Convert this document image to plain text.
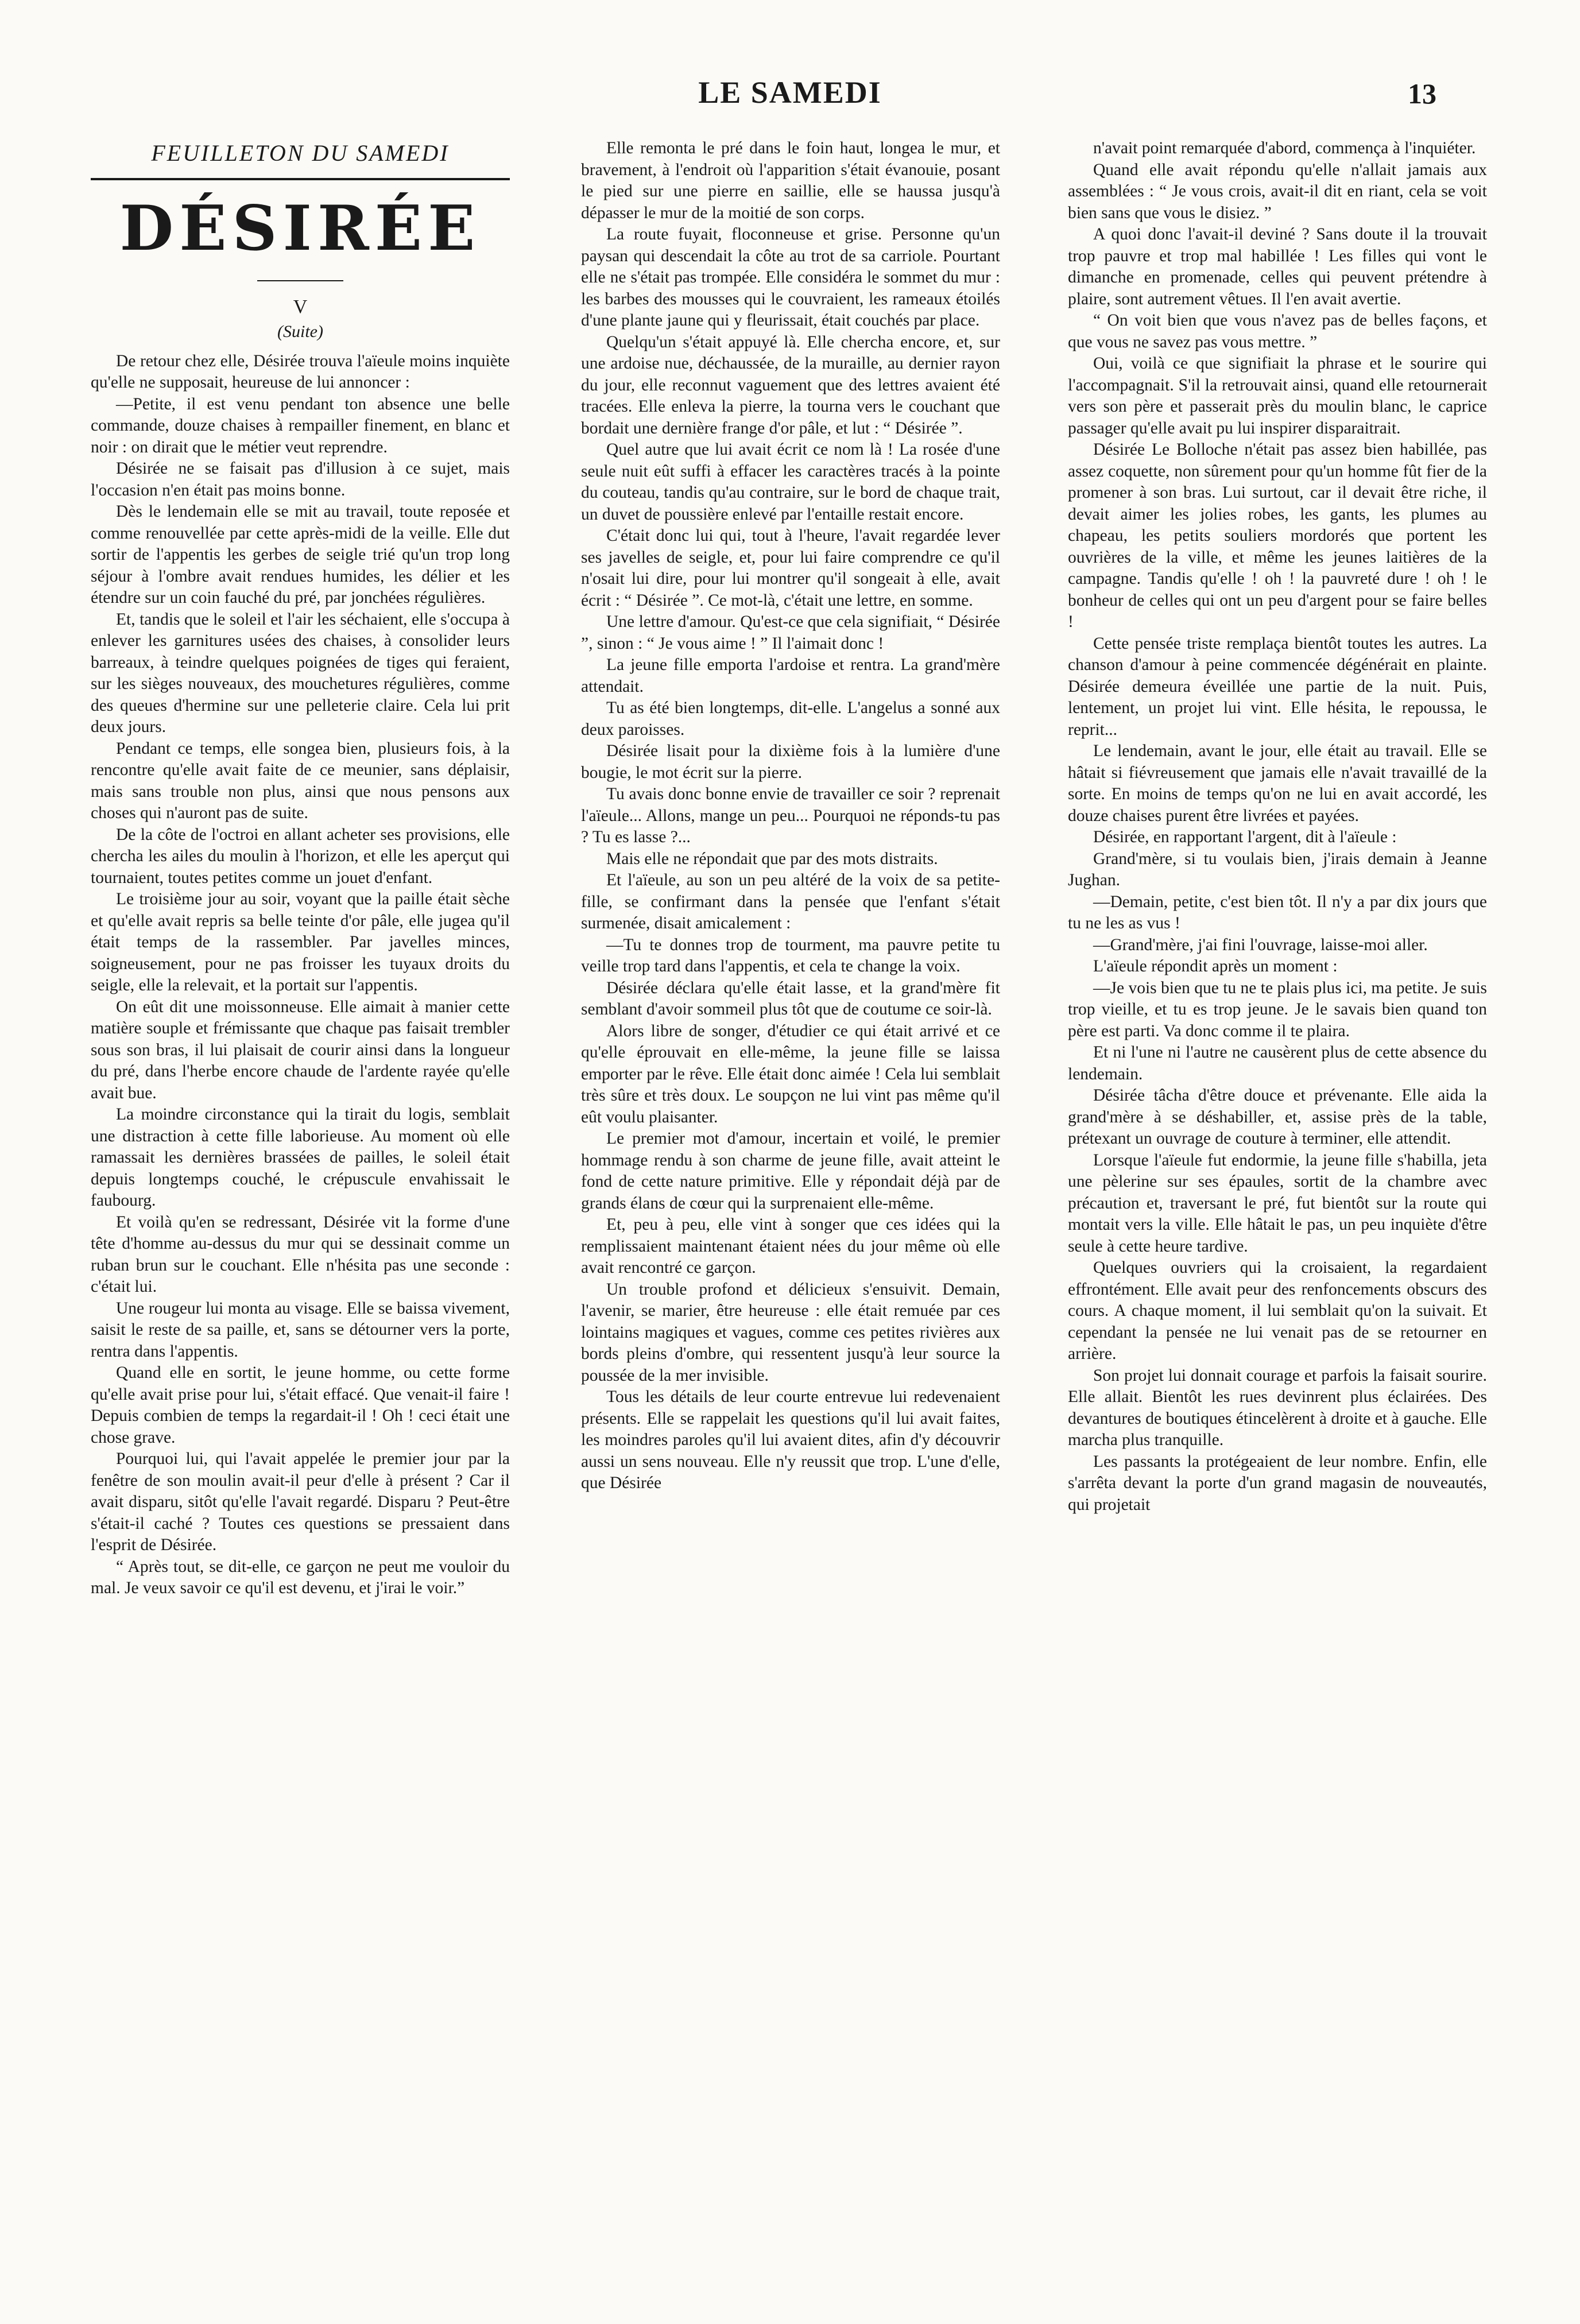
LE SAMEDI	13
FEUILLETON DU SAMEDI
DÉSIRÉE
V
(Suite)

De retour chez elle, Désirée trouva l'aïeule moins inquiète qu'elle ne supposait, heureuse de lui annoncer :

—Petite, il est venu pendant ton absence une belle commande, douze chaises à rempailler finement, en blanc et noir : on dirait que le métier veut reprendre.

Désirée ne se faisait pas d'illusion à ce sujet, mais l'occasion n'en était pas moins bonne.

Dès le lendemain elle se mit au travail, toute reposée et comme renouvellée par cette après-midi de la veille. Elle dut sortir de l'appentis les gerbes de seigle trié qu'un trop long séjour à l'ombre avait rendues humides, les délier et les étendre sur un coin fauché du pré, par jonchées régulières.

Et, tandis que le soleil et l'air les séchaient, elle s'occupa à enlever les garnitures usées des chaises, à consolider leurs barreaux, à teindre quelques poignées de tiges qui feraient, sur les sièges nouveaux, des mouchetures régulières, comme des queues d'hermine sur une pelleterie claire. Cela lui prit deux jours.

Pendant ce temps, elle songea bien, plusieurs fois, à la rencontre qu'elle avait faite de ce meunier, sans déplaisir, mais sans trouble non plus, ainsi que nous pensons aux choses qui n'auront pas de suite.

De la côte de l'octroi en allant acheter ses provisions, elle chercha les ailes du moulin à l'horizon, et elle les aperçut qui tournaient, toutes petites comme un jouet d'enfant.

Le troisième jour au soir, voyant que la paille était sèche et qu'elle avait repris sa belle teinte d'or pâle, elle jugea qu'il était temps de la rassembler. Par javelles minces, soigneusement, pour ne pas froisser les tuyaux droits du seigle, elle la relevait, et la portait sur l'appentis.

On eût dit une moissonneuse. Elle aimait à manier cette matière souple et frémissante que chaque pas faisait trembler sous son bras, il lui plaisait de courir ainsi dans la longueur du pré, dans l'herbe encore chaude de l'ardente rayée qu'elle avait bue.

La moindre circonstance qui la tirait du logis, semblait une distraction à cette fille laborieuse. Au moment où elle ramassait les dernières brassées de pailles, le soleil était depuis longtemps couché, le crépuscule envahissait le faubourg.

Et voilà qu'en se redressant, Désirée vit la forme d'une tête d'homme au-dessus du mur qui se dessinait comme un ruban brun sur le couchant. Elle n'hésita pas une seconde : c'était lui.

Une rougeur lui monta au visage. Elle se baissa vivement, saisit le reste de sa paille, et, sans se détourner vers la porte, rentra dans l'appentis.

Quand elle en sortit, le jeune homme, ou cette forme qu'elle avait prise pour lui, s'était effacé. Que venait-il faire ! Depuis combien de temps la regardait-il ! Oh ! ceci était une chose grave.

Pourquoi lui, qui l'avait appelée le premier jour par la fenêtre de son moulin avait-il peur d'elle à présent ? Car il avait disparu, sitôt qu'elle l'avait regardé. Disparu ? Peut-être s'était-il caché ? Toutes ces questions se pressaient dans l'esprit de Désirée.

“ Après tout, se dit-elle, ce garçon ne peut me vouloir du mal. Je veux savoir ce qu'il est devenu, et j'irai le voir.”

Elle remonta le pré dans le foin haut, longea le mur, et bravement, à l'endroit où l'apparition s'était évanouie, posant le pied sur une pierre en saillie, elle se haussa jusqu'à dépasser le mur de la moitié de son corps.

La route fuyait, floconneuse et grise. Personne qu'un paysan qui descendait la côte au trot de sa carriole. Pourtant elle ne s'était pas trompée. Elle considéra le sommet du mur : les barbes des mousses qui le couvraient, les rameaux étoilés d'une plante jaune qui y fleurissait, était couchés par place.

Quelqu'un s'était appuyé là. Elle chercha encore, et, sur une ardoise nue, déchaussée, de la muraille, au dernier rayon du jour, elle reconnut vaguement que des lettres avaient été tracées. Elle enleva la pierre, la tourna vers le couchant que bordait une dernière frange d'or pâle, et lut : “ Désirée ”.

Quel autre que lui avait écrit ce nom là ! La rosée d'une seule nuit eût suffi à effacer les caractères tracés à la pointe du couteau, tandis qu'au contraire, sur le bord de chaque trait, un duvet de poussière enlevé par l'entaille restait encore.

C'était donc lui qui, tout à l'heure, l'avait regardée lever ses javelles de seigle, et, pour lui faire comprendre ce qu'il n'osait lui dire, pour lui montrer qu'il songeait à elle, avait écrit : “ Désirée ”. Ce mot-là, c'était une lettre, en somme.

Une lettre d'amour. Qu'est-ce que cela signifiait, “ Désirée ”, sinon : “ Je vous aime ! ” Il l'aimait donc !

La jeune fille emporta l'ardoise et rentra. La grand'mère attendait.

Tu as été bien longtemps, dit-elle. L'angelus a sonné aux deux paroisses.

Désirée lisait pour la dixième fois à la lumière d'une bougie, le mot écrit sur la pierre.

Tu avais donc bonne envie de travailler ce soir ? reprenait l'aïeule... Allons, mange un peu... Pourquoi ne réponds-tu pas ? Tu es lasse ?...

Mais elle ne répondait que par des mots distraits.

Et l'aïeule, au son un peu altéré de la voix de sa petite-fille, se confirmant dans la pensée que l'enfant s'était surmenée, disait amicalement :

—Tu te donnes trop de tourment, ma pauvre petite tu veille trop tard dans l'appentis, et cela te change la voix.

Désirée déclara qu'elle était lasse, et la grand'mère fit semblant d'avoir sommeil plus tôt que de coutume ce soir-là.

Alors libre de songer, d'étudier ce qui était arrivé et ce qu'elle éprouvait en elle-même, la jeune fille se laissa emporter par le rêve. Elle était donc aimée ! Cela lui semblait très sûre et très doux. Le soupçon ne lui vint pas même qu'il eût voulu plaisanter.

Le premier mot d'amour, incertain et voilé, le premier hommage rendu à son charme de jeune fille, avait atteint le fond de cette nature primitive. Elle y répondait déjà par de grands élans de cœur qui la surprenaient elle-même.

Et, peu à peu, elle vint à songer que ces idées qui la remplissaient maintenant étaient nées du jour même où elle avait rencontré ce garçon.

Un trouble profond et délicieux s'ensuivit. Demain, l'avenir, se marier, être heureuse : elle était remuée par ces lointains magiques et vagues, comme ces petites rivières aux bords pleins d'ombre, qui ressentent jusqu'à leur source la poussée de la mer invisible.

Tous les détails de leur courte entrevue lui redevenaient présents. Elle se rappelait les questions qu'il lui avait faites, les moindres paroles qu'il lui avaient dites, afin d'y découvrir aussi un sens nouveau. Elle n'y reussit que trop. L'une d'elle, que Désirée

n'avait point remarquée d'abord, commença à l'inquiéter.

Quand elle avait répondu qu'elle n'allait jamais aux assemblées : “ Je vous crois, avait-il dit en riant, cela se voit bien sans que vous le disiez. ”

A quoi donc l'avait-il deviné ? Sans doute il la trouvait trop pauvre et trop mal habillée ! Les filles qui vont le dimanche en promenade, celles qui peuvent prétendre à plaire, sont autrement vêtues. Il l'en avait avertie.

“ On voit bien que vous n'avez pas de belles façons, et que vous ne savez pas vous mettre. ”

Oui, voilà ce que signifiait la phrase et le sourire qui l'accompagnait. S'il la retrouvait ainsi, quand elle retournerait vers son père et passerait près du moulin blanc, le caprice passager qu'elle avait pu lui inspirer disparaitrait.

Désirée Le Bolloche n'était pas assez bien habillée, pas assez coquette, non sûrement pour qu'un homme fût fier de la promener à son bras. Lui surtout, car il devait être riche, il devait aimer les jolies robes, les gants, les plumes au chapeau, les petits souliers mordorés que portent les ouvrières de la ville, et même les jeunes laitières de la campagne. Tandis qu'elle ! oh ! la pauvreté dure ! oh ! le bonheur de celles qui ont un peu d'argent pour se faire belles !

Cette pensée triste remplaça bientôt toutes les autres. La chanson d'amour à peine commencée dégénérait en plainte. Désirée demeura éveillée une partie de la nuit. Puis, lentement, un projet lui vint. Elle hésita, le repoussa, le reprit...

Le lendemain, avant le jour, elle était au travail. Elle se hâtait si fiévreusement que jamais elle n'avait travaillé de la sorte. En moins de temps qu'on ne lui en avait accordé, les douze chaises purent être livrées et payées.

Désirée, en rapportant l'argent, dit à l'aïeule :

Grand'mère, si tu voulais bien, j'irais demain à Jeanne Jughan.

—Demain, petite, c'est bien tôt. Il n'y a par dix jours que tu ne les as vus !

—Grand'mère, j'ai fini l'ouvrage, laisse-moi aller.

L'aïeule répondit après un moment :

—Je vois bien que tu ne te plais plus ici, ma petite. Je suis trop vieille, et tu es trop jeune. Je le savais bien quand ton père est parti. Va donc comme il te plaira.

Et ni l'une ni l'autre ne causèrent plus de cette absence du lendemain.

Désirée tâcha d'être douce et prévenante. Elle aida la grand'mère à se déshabiller, et, assise près de la table, prétexant un ouvrage de couture à terminer, elle attendit.

Lorsque l'aïeule fut endormie, la jeune fille s'habilla, jeta une pèlerine sur ses épaules, sortit de la chambre avec précaution et, traversant le pré, fut bientôt sur la route qui montait vers la ville. Elle hâtait le pas, un peu inquiète d'être seule à cette heure tardive.

Quelques ouvriers qui la croisaient, la regardaient effrontément. Elle avait peur des renfoncements obscurs des cours. A chaque moment, il lui semblait qu'on la suivait. Et cependant la pensée ne lui venait pas de se retourner en arrière.

Son projet lui donnait courage et parfois la faisait sourire. Elle allait. Bientôt les rues devinrent plus éclairées. Des devantures de boutiques étincelèrent à droite et à gauche. Elle marcha plus tranquille.

Les passants la protégeaient de leur nombre. Enfin, elle s'arrêta devant la porte d'un grand magasin de nouveautés, qui projetait
